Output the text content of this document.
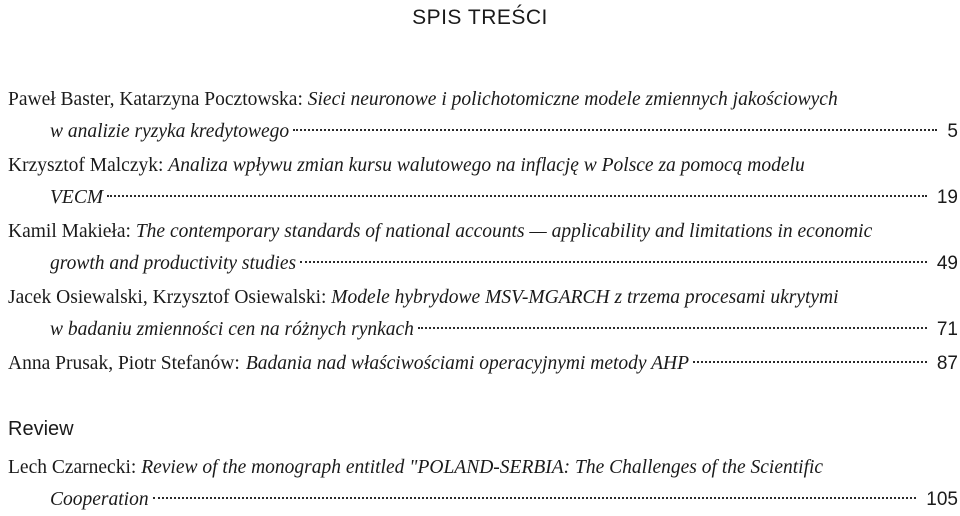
SPIS TREŚCI
Paweł Baster, Katarzyna Pocztowska: Sieci neuronowe i polichotomiczne modele zmiennych jakościowych
w analizie ryzyka kredytowego	5
Krzysztof Malczyk: Analiza wpływu zmian kursu walutowego na inflację w Polsce za pomocą modelu
VECM	19
Kamil Makieła: The contemporary standards of national accounts — applicability and limitations in economic
growth and productivity studies	49
Jacek Osiewalski, Krzysztof Osiewalski: Modele hybrydowe MSV-MGARCH z trzema procesami ukrytymi
w badaniu zmienności cen na różnych rynkach	71
Anna Prusak, Piotr Stefanów: Badania nad właściwościami operacyjnymi metody AHP	87
Review
Lech Czarnecki: Review of the monograph entitled "POLAND-SERBIA: The Challenges of the Scientific
Cooperation	105
